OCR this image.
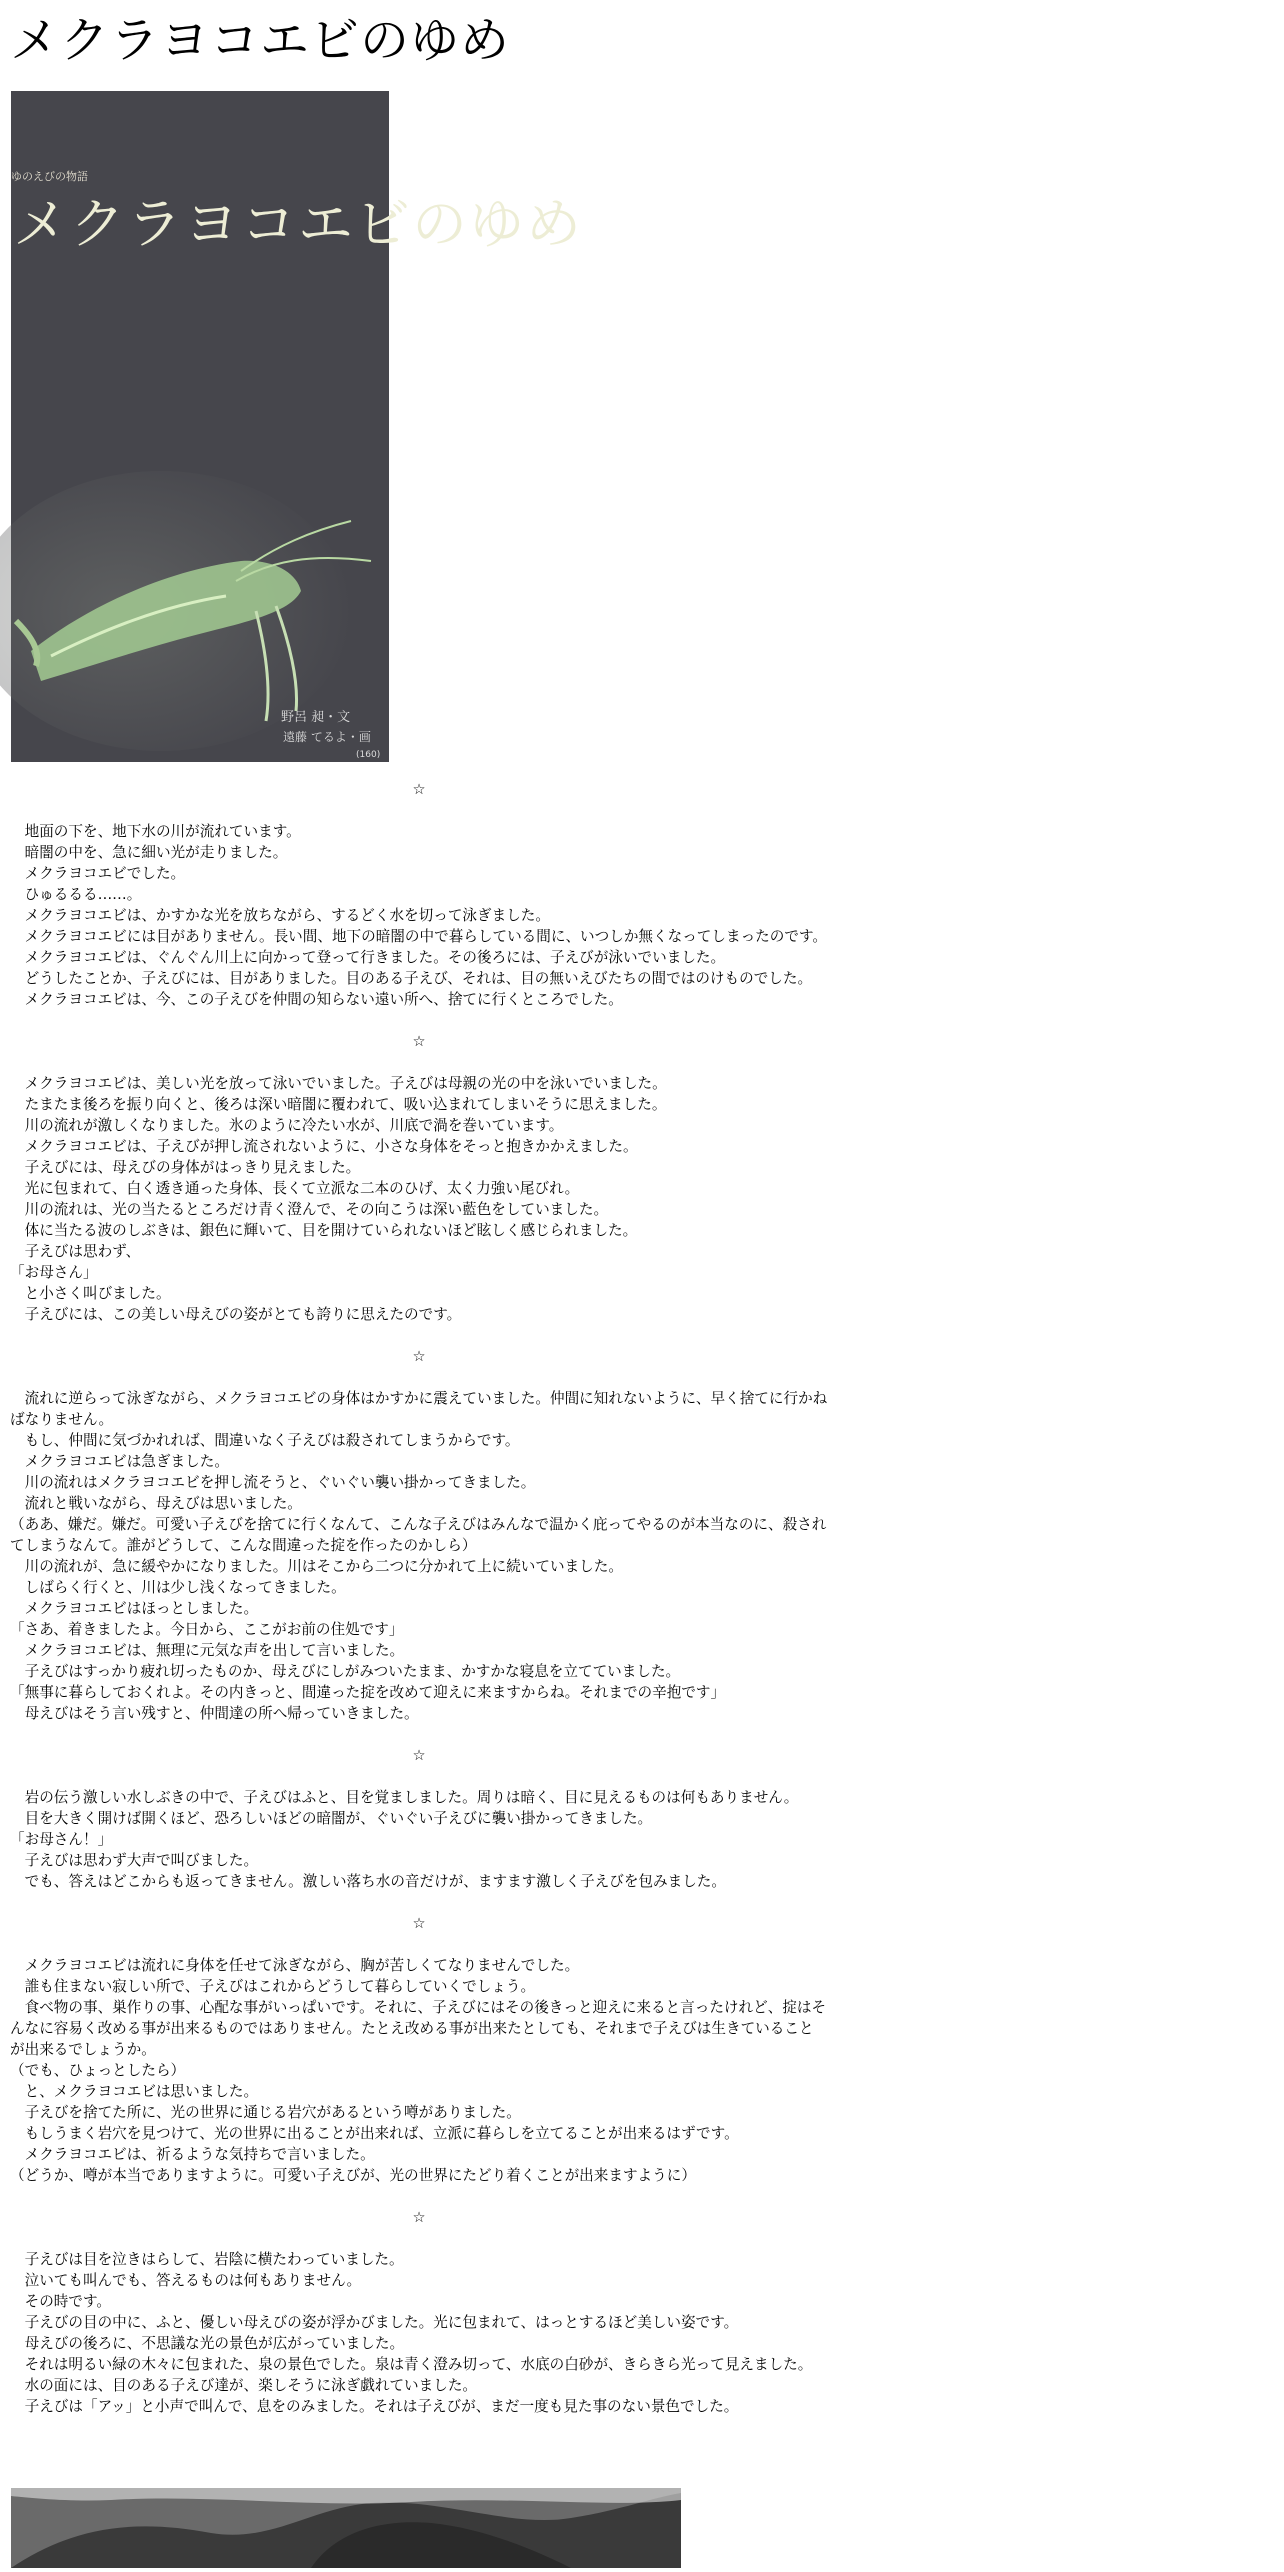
メクラヨコエビのゆめ
ゆのえびの物語
メクラヨコエビのゆめ
野呂 昶・文
遠藤 てるよ・画
(160)
☆

　地面の下を、地下水の川が流れています。

　暗闇の中を、急に細い光が走りました。

　メクラヨコエビでした。

　ひゅるるる……。

　メクラヨコエビは、かすかな光を放ちながら、するどく水を切って泳ぎました。

　メクラヨコエビには目がありません。長い間、地下の暗闇の中で暮らしている間に、いつしか無くなってしまったのです。

　メクラヨコエビは、ぐんぐん川上に向かって登って行きました。その後ろには、子えびが泳いでいました。

　どうしたことか、子えびには、目がありました。目のある子えび、それは、目の無いえびたちの間ではのけものでした。

　メクラヨコエビは、今、この子えびを仲間の知らない遠い所へ、捨てに行くところでした。

☆

　メクラヨコエビは、美しい光を放って泳いでいました。子えびは母親の光の中を泳いでいました。

　たまたま後ろを振り向くと、後ろは深い暗闇に覆われて、吸い込まれてしまいそうに思えました。

　川の流れが激しくなりました。氷のように冷たい水が、川底で渦を巻いています。

　メクラヨコエビは、子えびが押し流されないように、小さな身体をそっと抱きかかえました。

　子えびには、母えびの身体がはっきり見えました。

　光に包まれて、白く透き通った身体、長くて立派な二本のひげ、太く力強い尾びれ。

　川の流れは、光の当たるところだけ青く澄んで、その向こうは深い藍色をしていました。

　体に当たる波のしぶきは、銀色に輝いて、目を開けていられないほど眩しく感じられました。

　子えびは思わず、

「お母さん」

　と小さく叫びました。

　子えびには、この美しい母えびの姿がとても誇りに思えたのです。

☆

　流れに逆らって泳ぎながら、メクラヨコエビの身体はかすかに震えていました。仲間に知れないように、早く捨てに行かねばなりません。

　もし、仲間に気づかれれば、間違いなく子えびは殺されてしまうからです。

　メクラヨコエビは急ぎました。

　川の流れはメクラヨコエビを押し流そうと、ぐいぐい襲い掛かってきました。

　流れと戦いながら、母えびは思いました。

（ああ、嫌だ。嫌だ。可愛い子えびを捨てに行くなんて、こんな子えびはみんなで温かく庇ってやるのが本当なのに、殺されてしまうなんて。誰がどうして、こんな間違った掟を作ったのかしら）

　川の流れが、急に緩やかになりました。川はそこから二つに分かれて上に続いていました。

　しばらく行くと、川は少し浅くなってきました。

　メクラヨコエビはほっとしました。

「さあ、着きましたよ。今日から、ここがお前の住処です」

　メクラヨコエビは、無理に元気な声を出して言いました。

　子えびはすっかり疲れ切ったものか、母えびにしがみついたまま、かすかな寝息を立てていました。

「無事に暮らしておくれよ。その内きっと、間違った掟を改めて迎えに来ますからね。それまでの辛抱です」

　母えびはそう言い残すと、仲間達の所へ帰っていきました。

☆

　岩の伝う激しい水しぶきの中で、子えびはふと、目を覚ましました。周りは暗く、目に見えるものは何もありません。

　目を大きく開けば開くほど、恐ろしいほどの暗闇が、ぐいぐい子えびに襲い掛かってきました。

「お母さん！」

　子えびは思わず大声で叫びました。

　でも、答えはどこからも返ってきません。激しい落ち水の音だけが、ますます激しく子えびを包みました。

☆

　メクラヨコエビは流れに身体を任せて泳ぎながら、胸が苦しくてなりませんでした。

　誰も住まない寂しい所で、子えびはこれからどうして暮らしていくでしょう。

　食べ物の事、巣作りの事、心配な事がいっぱいです。それに、子えびにはその後きっと迎えに来ると言ったけれど、掟はそんなに容易く改める事が出来るものではありません。たとえ改める事が出来たとしても、それまで子えびは生きていることが出来るでしょうか。

（でも、ひょっとしたら）

　と、メクラヨコエビは思いました。

　子えびを捨てた所に、光の世界に通じる岩穴があるという噂がありました。

　もしうまく岩穴を見つけて、光の世界に出ることが出来れば、立派に暮らしを立てることが出来るはずです。

　メクラヨコエビは、祈るような気持ちで言いました。

（どうか、噂が本当でありますように。可愛い子えびが、光の世界にたどり着くことが出来ますように）

☆

　子えびは目を泣きはらして、岩陰に横たわっていました。

　泣いても叫んでも、答えるものは何もありません。

　その時です。

　子えびの目の中に、ふと、優しい母えびの姿が浮かびました。光に包まれて、はっとするほど美しい姿です。

　母えびの後ろに、不思議な光の景色が広がっていました。

　それは明るい緑の木々に包まれた、泉の景色でした。泉は青く澄み切って、水底の白砂が、きらきら光って見えました。

　水の面には、目のある子えび達が、楽しそうに泳ぎ戯れていました。

　子えびは「アッ」と小声で叫んで、息をのみました。それは子えびが、まだ一度も見た事のない景色でした。
